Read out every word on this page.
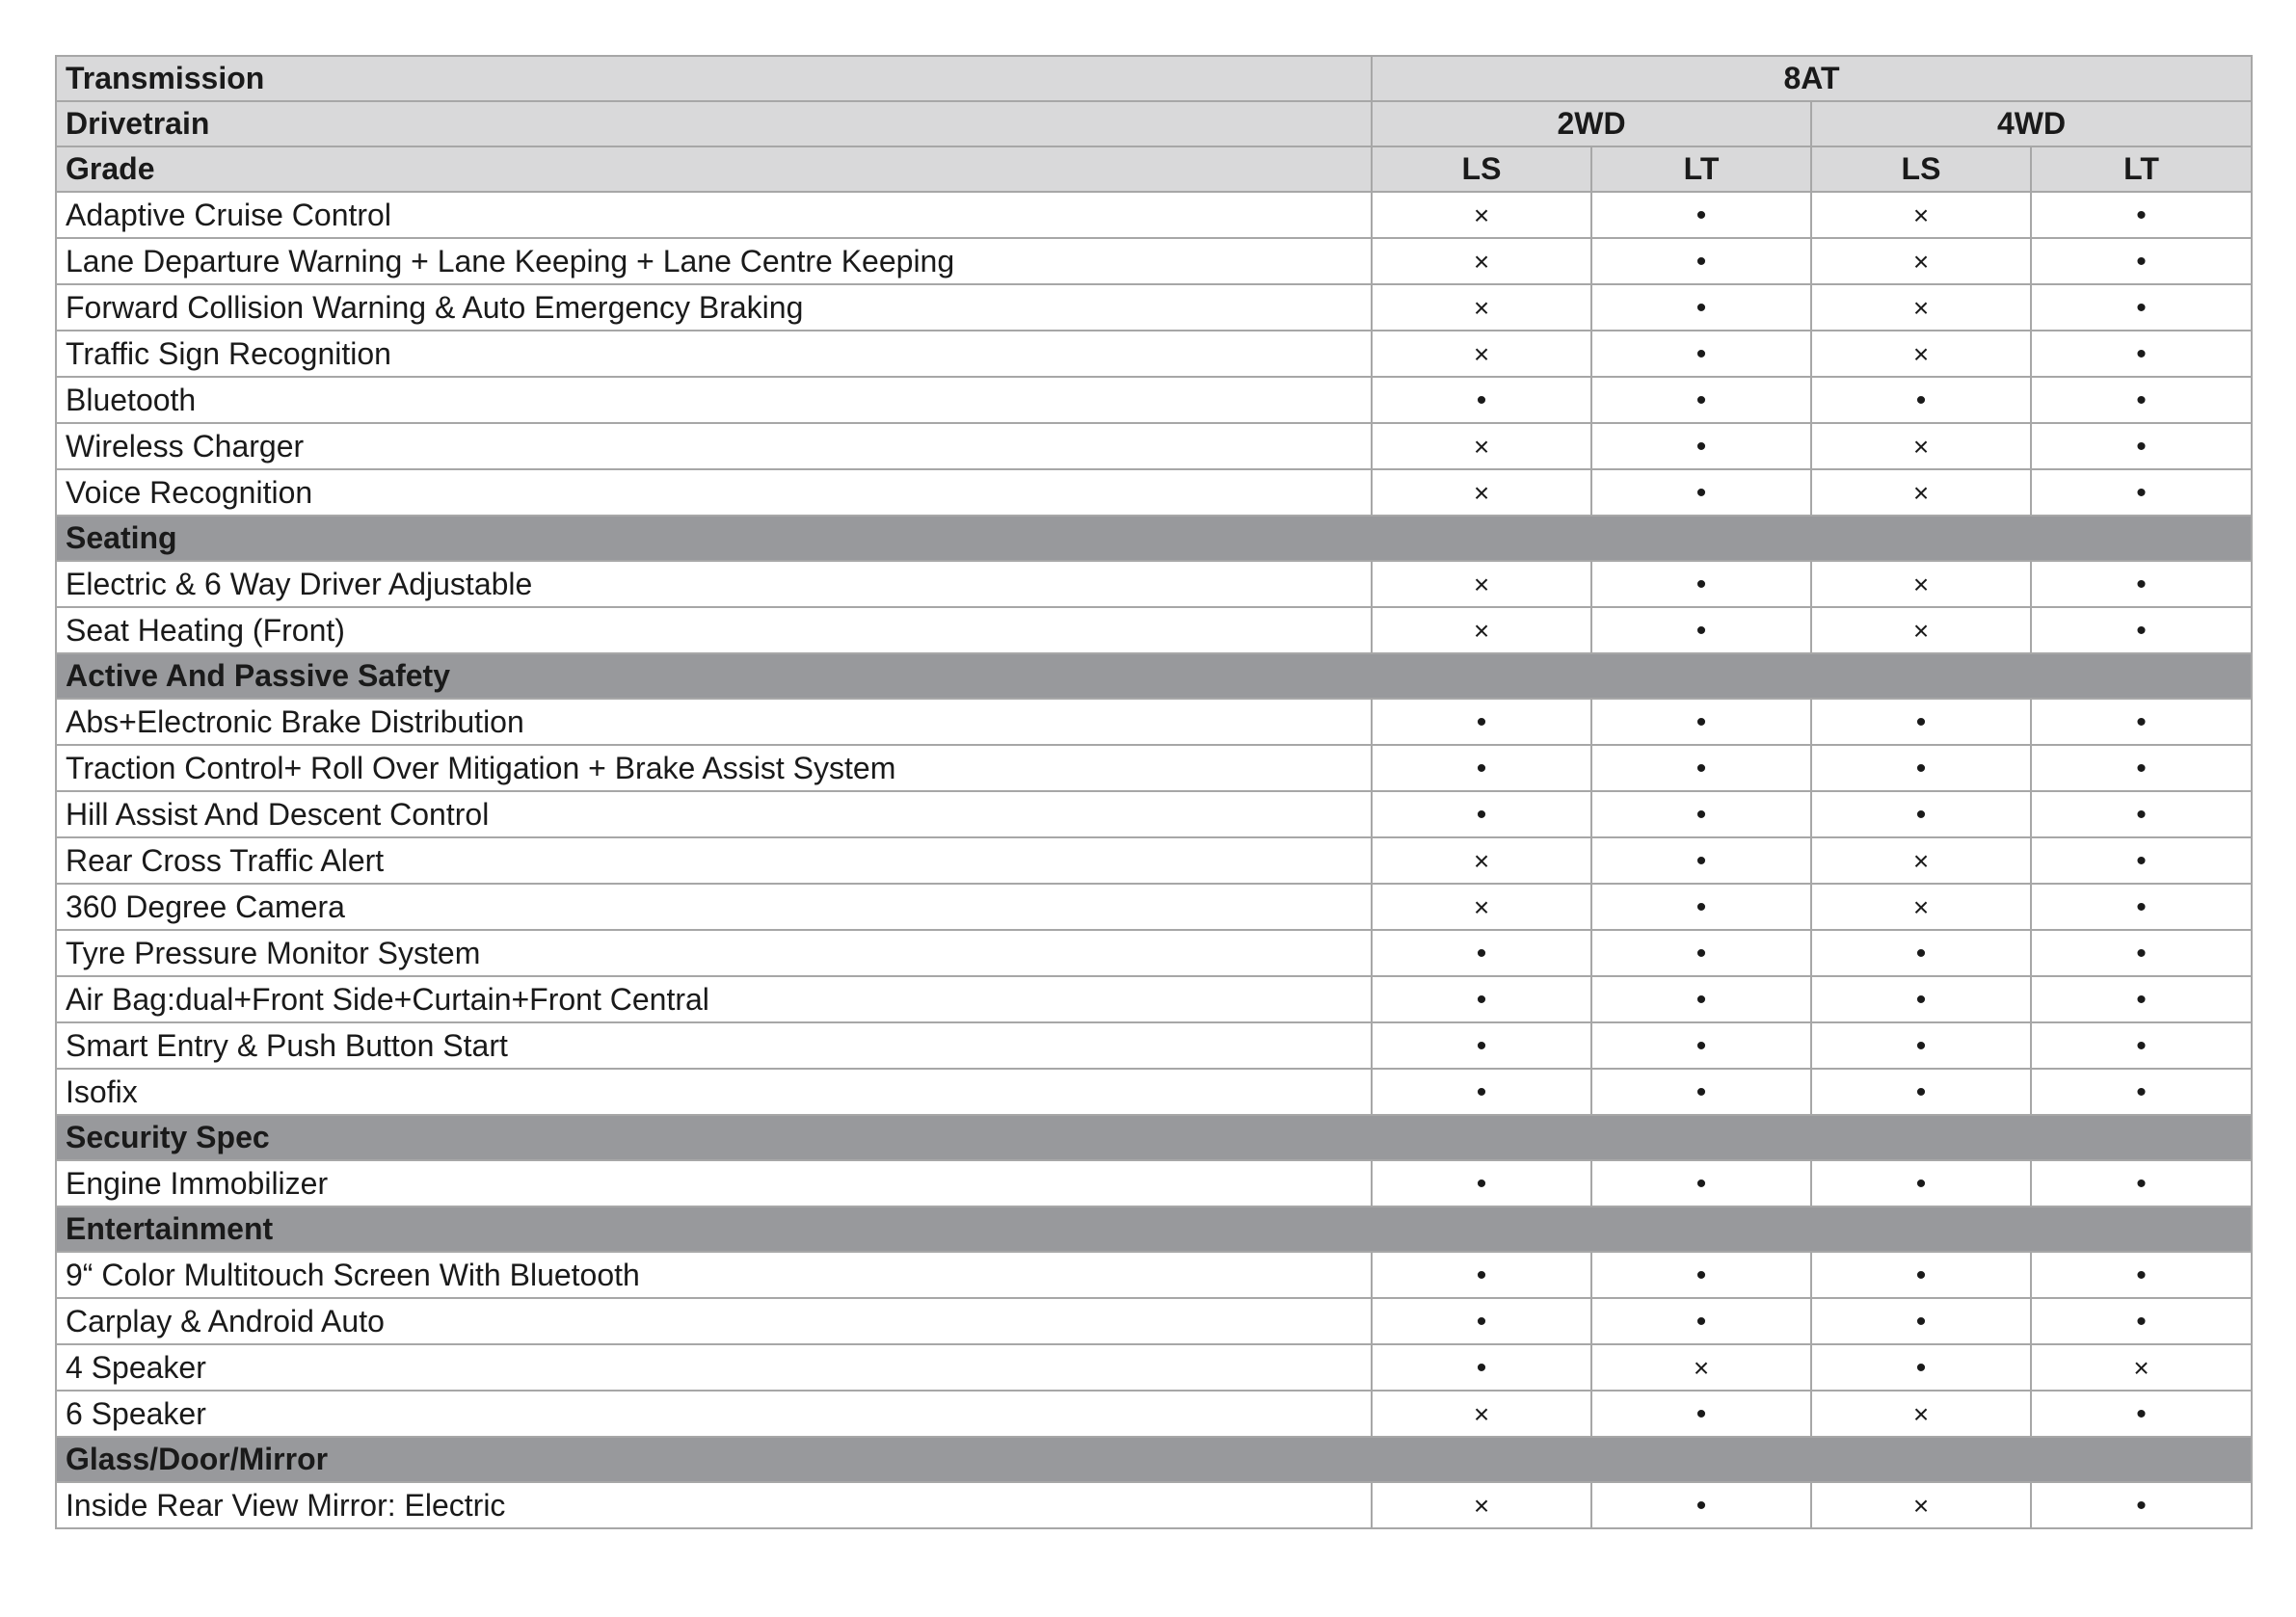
Transmission	8AT			
Drivetrain	2WD		4WD	
Grade	LS	LT	LS	LT
Adaptive Cruise Control	×	•	×	•
Lane Departure Warning + Lane Keeping + Lane Centre Keeping	×	•	×	•
Forward Collision Warning & Auto Emergency Braking	×	•	×	•
Traffic Sign Recognition	×	•	×	•
Bluetooth	•	•	•	•
Wireless Charger	×	•	×	•
Voice Recognition	×	•	×	•
Seating				
Electric & 6 Way Driver Adjustable	×	•	×	•
Seat Heating (Front)	×	•	×	•
Active And Passive Safety				
Abs+Electronic Brake Distribution	•	•	•	•
Traction Control+ Roll Over Mitigation + Brake Assist System	•	•	•	•
Hill Assist And Descent Control	•	•	•	•
Rear Cross Traffic Alert	×	•	×	•
360 Degree Camera	×	•	×	•
Tyre Pressure Monitor System	•	•	•	•
Air Bag:dual+Front Side+Curtain+Front Central	•	•	•	•
Smart Entry & Push Button Start	•	•	•	•
Isofix	•	•	•	•
Security Spec				
Engine Immobilizer	•	•	•	•
Entertainment				
9“ Color Multitouch Screen With Bluetooth	•	•	•	•
Carplay & Android Auto	•	•	•	•
4 Speaker	•	×	•	×
6 Speaker	×	•	×	•
Glass/Door/Mirror				
Inside Rear View Mirror: Electric	×	•	×	•
